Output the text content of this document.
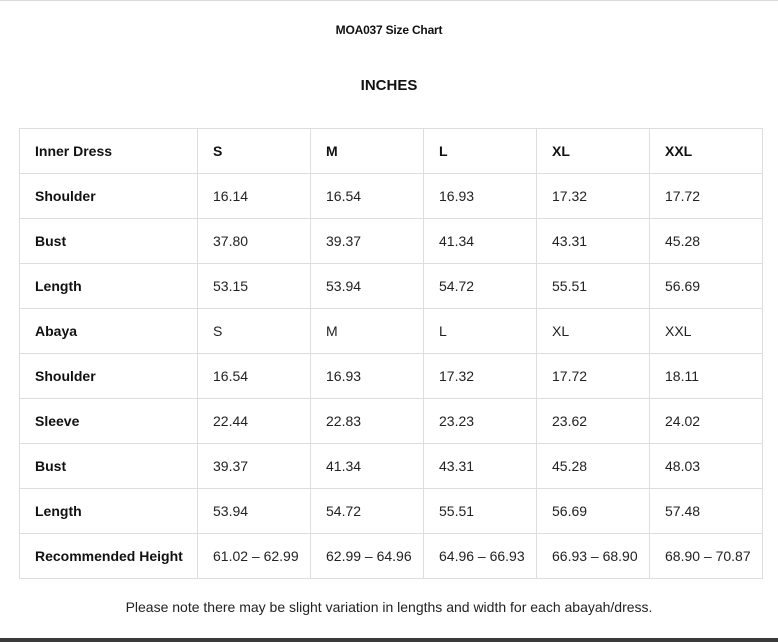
MOA037 Size Chart
INCHES
Inner Dress	S	M	L	XL	XXL
Shoulder	16.14	16.54	16.93	17.32	17.72
Bust	37.80	39.37	41.34	43.31	45.28
Length	53.15	53.94	54.72	55.51	56.69
Abaya	S	M	L	XL	XXL
Shoulder	16.54	16.93	17.32	17.72	18.11
Sleeve	22.44	22.83	23.23	23.62	24.02
Bust	39.37	41.34	43.31	45.28	48.03
Length	53.94	54.72	55.51	56.69	57.48
Recommended Height	61.02 – 62.99	62.99 – 64.96	64.96 – 66.93	66.93 – 68.90	68.90 – 70.87
Please note there may be slight variation in lengths and width for each abayah/dress.
